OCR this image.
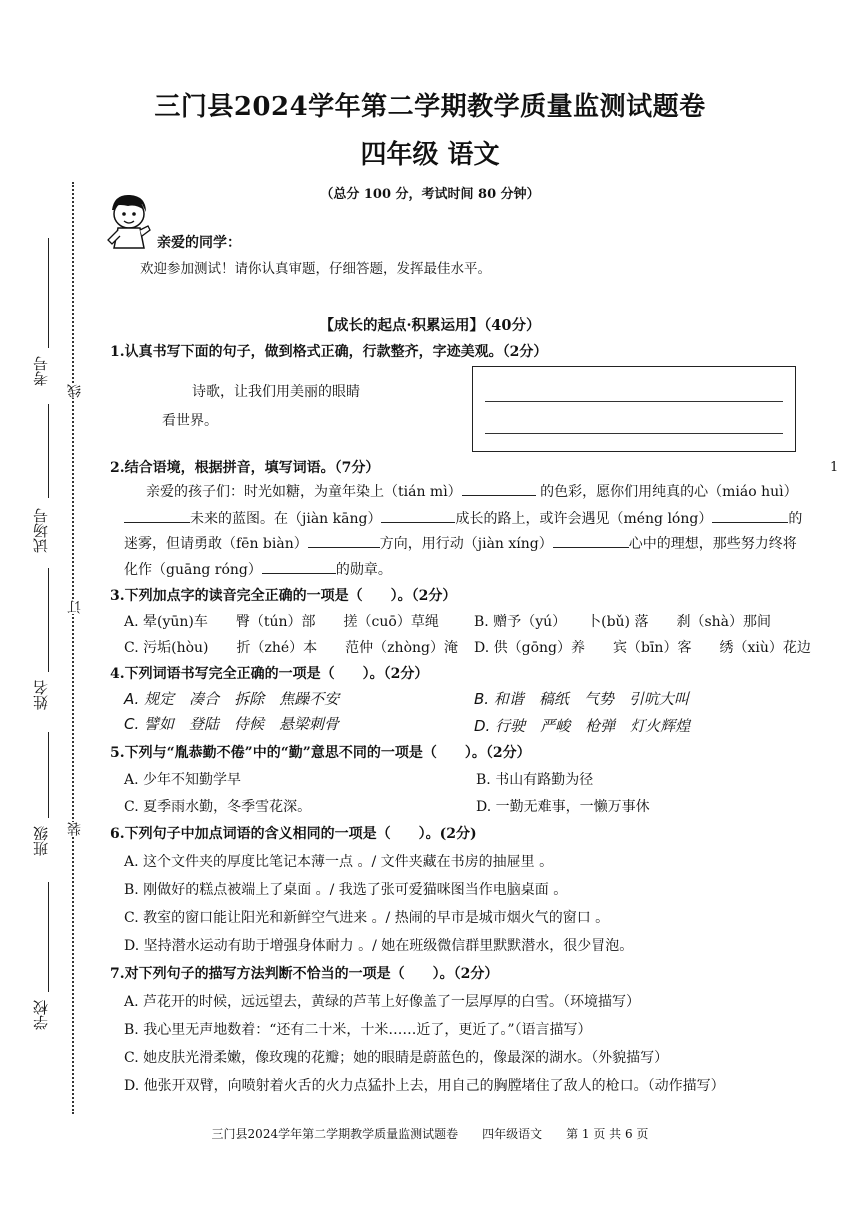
三门县2024学年第二学期教学质量监测试题卷
四年级 语文
（总分 100 分，考试时间 80 分钟）
亲爱的同学：
欢迎参加测试！请你认真审题，仔细答题，发挥最佳水平。
线
订
装
考号
试场号
姓名
班级
学校
【成长的起点·积累运用】（40分）
1.认真书写下面的句子，做到格式正确，行款整齐，字迹美观。（2分）
诗歌，让我们用美丽的眼睛
看世界。
2.结合语境，根据拼音，填写词语。（7分）
亲爱的孩子们：时光如糖，为童年染上（tián mì）	的色彩，愿你们用纯真的心（miáo huì）
未来的蓝图。在（jiàn kāng）	成长的路上，或许会遇见（méng lóng）	的
迷雾，但请勇敢（fēn biàn）	方向，用行动（jiàn xíng）	心中的理想，那些努力终将
化作（guāng róng）	的勋章。
3.下列加点字的读音完全正确的一项是（　　）。（2分）
A. 晕(yūn)车　　臀（tún）部　　搓（cuō）草绳	B. 赠予（yú）　　卜(bǔ) 落　　刹（shà）那间
C. 污垢(hòu)　　折（zhé）本　　范仲（zhòng）淹 D. 供（gōng）养　　宾（bīn）客　　绣（xiù）花边
4.下列词语书写完全正确的一项是（　　）。（2分）
A. 规定　凑合　拆除　焦躁不安	B. 和谐　稿纸　气势　引吭大叫
C. 譬如　登陆　侍候　悬梁刺骨	D. 行驶　严峻　枪弹　灯火辉煌
5.下列与“胤恭勤不倦”中的“勤”意思不同的一项是（　　）。（2分）
A. 少年不知勤学早	B. 书山有路勤为径
C. 夏季雨水勤，冬季雪花深。	D. 一勤无难事，一懒万事休
6.下列句子中加点词语的含义相同的一项是（　　）。(2分)
A. 这个文件夹的厚度比笔记本薄一点 。/ 文件夹藏在书房的抽屉里 。
B. 刚做好的糕点被端上了桌面 。/ 我选了张可爱猫咪图当作电脑桌面 。
C. 教室的窗口能让阳光和新鲜空气进来 。/ 热闹的早市是城市烟火气的窗口 。
D. 坚持潜水运动有助于增强身体耐力 。/ 她在班级微信群里默默潜水，很少冒泡。
7.对下列句子的描写方法判断不恰当的一项是（　　）。（2分）
A. 芦花开的时候，远远望去，黄绿的芦苇上好像盖了一层厚厚的白雪。（环境描写）
B. 我心里无声地数着：“还有二十米，十米……近了，更近了。”（语言描写）
C. 她皮肤光滑柔嫩，像玫瑰的花瓣；她的眼睛是蔚蓝色的，像最深的湖水。（外貌描写）
D. 他张开双臂，向喷射着火舌的火力点猛扑上去，用自己的胸膛堵住了敌人的枪口。（动作描写）
三门县2024学年第二学期教学质量监测试题卷　　四年级语文　　第 1 页 共 6 页
1
